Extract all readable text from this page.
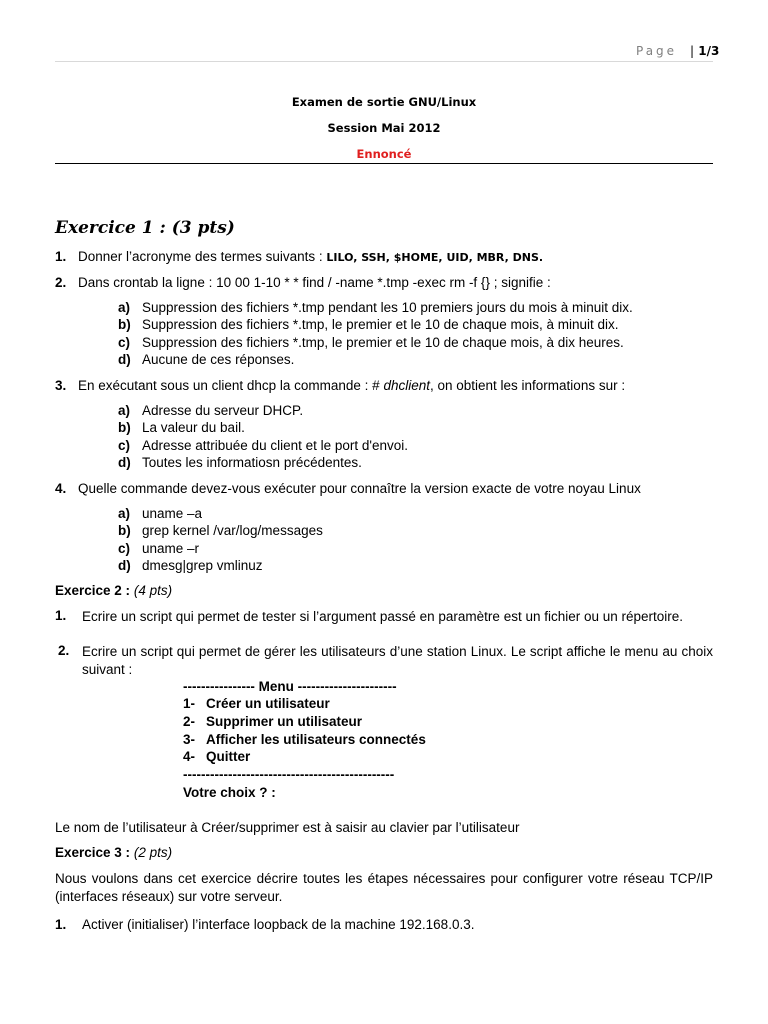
Page | 1/3
Examen de sortie GNU/Linux
Session Mai 2012
Ennoncé
Exercice 1 : (3 pts)
1. Donner l’acronyme des termes suivants : LILO, SSH, $HOME, UID, MBR, DNS.
2. Dans crontab la ligne : 10 00 1-10 * * find / -name *.tmp -exec rm -f {} ; signifie :
a) Suppression des fichiers *.tmp pendant les 10 premiers jours du mois à minuit dix.
b) Suppression des fichiers *.tmp, le premier et le 10 de chaque mois, à minuit dix.
c) Suppression des fichiers *.tmp, le premier et le 10 de chaque mois, à dix heures.
d) Aucune de ces réponses.
3. En exécutant sous un client dhcp la commande : # dhclient, on obtient les informations sur :
a) Adresse du serveur DHCP.
b) La valeur du bail.
c) Adresse attribuée du client et le port d'envoi.
d) Toutes les informatiosn précédentes.
4. Quelle commande devez-vous exécuter pour connaître la version exacte de votre noyau Linux
a) uname –a
b) grep kernel /var/log/messages
c) uname –r
d) dmesg|grep vmlinuz
Exercice 2 : (4 pts)
1. Ecrire un script qui permet de tester si l’argument passé en paramètre est un fichier ou un répertoire.
2. Ecrire un script qui permet de gérer les utilisateurs d’une station Linux. Le script affiche le menu au choix suivant :
---------------- Menu ----------------------
1- Créer un utilisateur
2- Supprimer un utilisateur
3- Afficher les utilisateurs connectés
4- Quitter
-----------------------------------------------
Votre choix ? :
Le nom de l’utilisateur à Créer/supprimer est à saisir au clavier par l’utilisateur
Exercice 3 : (2 pts)
Nous voulons dans cet exercice décrire toutes les étapes nécessaires pour configurer votre réseau TCP/IP (interfaces réseaux) sur votre serveur.
1. Activer (initialiser) l’interface loopback de la machine 192.168.0.3.
